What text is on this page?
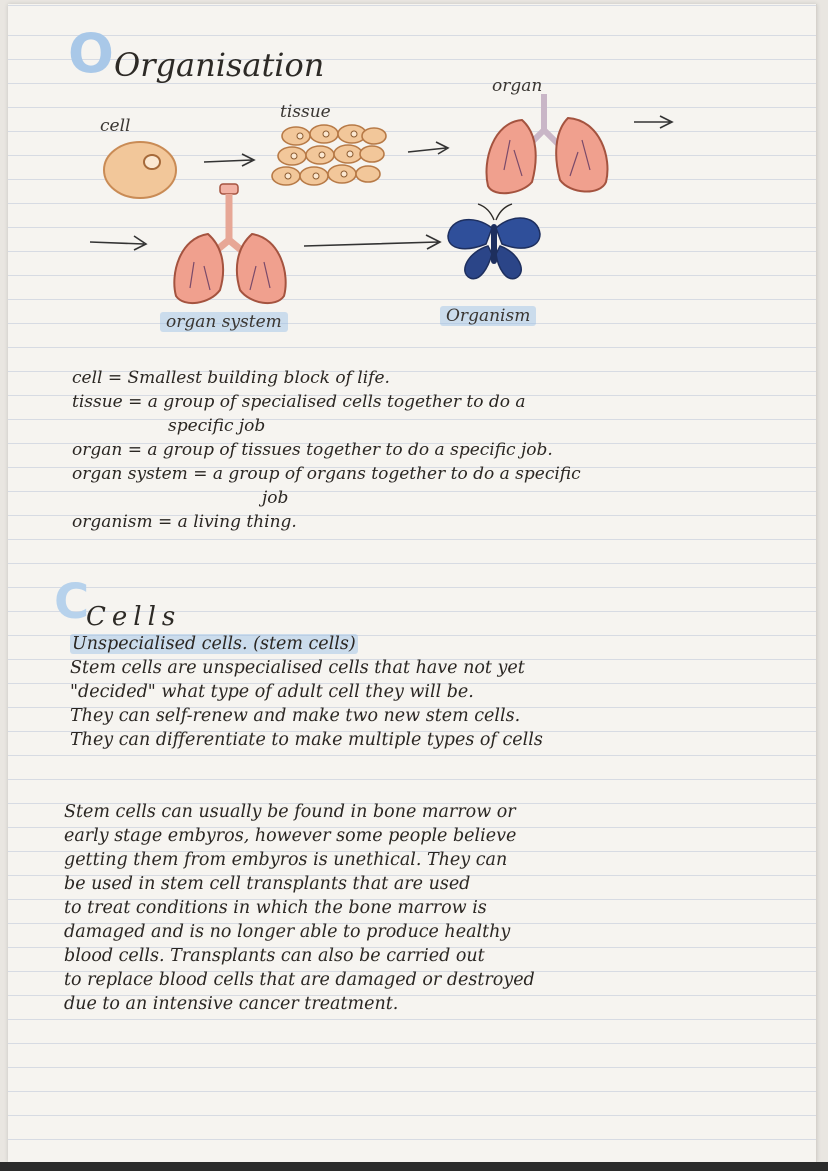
O Organisation
cell
tissue
organ
organ system	Organism
cell = Smallest building block of life.
tissue = a group of specialised cells together to do a
specific job
organ = a group of tissues together to do a specific job.
organ system = a group of organs together to do a specific
job
organism = a living thing.
C
Cells
Unspecialised cells. (stem cells)
Stem cells are unspecialised cells that have not yet
"decided" what type of adult cell they will be.
They can self-renew and make two new stem cells.
They can differentiate to make multiple types of cells
Stem cells can usually be found in bone marrow or
early stage embyros, however some people believe
getting them from embyros is unethical. They can
be used in stem cell transplants that are used
to treat conditions in which the bone marrow is
damaged and is no longer able to produce healthy
blood cells. Transplants can also be carried out
to replace blood cells that are damaged or destroyed
due to an intensive cancer treatment.
